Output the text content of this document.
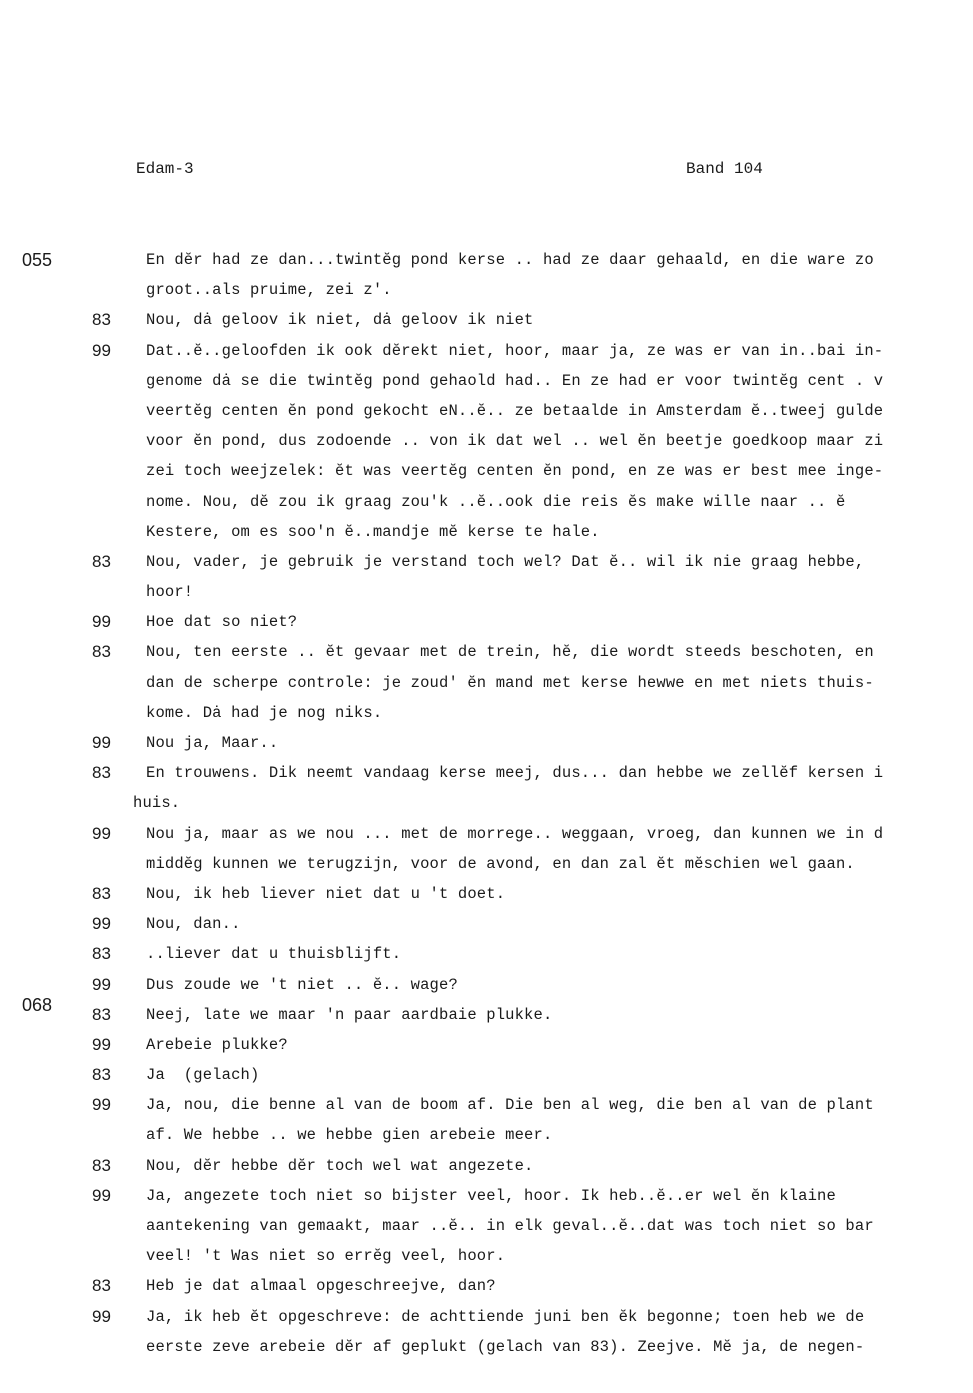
Edam-3	Band 104
055
068
En dĕr had ze dan...twintĕg pond kerse .. had ze daar gehaald, en die ware zo
groot..als pruime, zei z'.
83	Nou, dȧ geloov ik niet, dȧ geloov ik niet
99	Dat..ĕ..geloofden ik ook dĕrekt niet, hoor, maar ja, ze was er van in..bai in-
genome dȧ se die twintĕg pond gehaold had.. En ze had er voor twintĕg cent . v
veertĕg centen ĕn pond gekocht eN..ĕ.. ze betaalde in Amsterdam ĕ..tweej gulde
voor ĕn pond, dus zodoende .. von ik dat wel .. wel ĕn beetje goedkoop maar zi
zei toch weejzelek: ĕt was veertĕg centen ĕn pond, en ze was er best mee inge-
nome. Nou, dĕ zou ik graag zou'k ..ĕ..ook die reis ĕs make wille naar .. ĕ
Kestere, om es soo'n ĕ..mandje mĕ kerse te hale.
83	Nou, vader, je gebruik je verstand toch wel? Dat ĕ.. wil ik nie graag hebbe,
hoor!
99	Hoe dat so niet?
83	Nou, ten eerste .. ĕt gevaar met de trein, hĕ, die wordt steeds beschoten, en
dan de scherpe controle: je zoud' ĕn mand met kerse hewwe en met niets thuis-
kome. Dȧ had je nog niks.
99	Nou ja, Maar..
83	En trouwens. Dik neemt vandaag kerse meej, dus... dan hebbe we zellĕf kersen i
huis.
99	Nou ja, maar as we nou ... met de morrege.. weggaan, vroeg, dan kunnen we in d
middĕg kunnen we terugzijn, voor de avond, en dan zal ĕt mĕschien wel gaan.
83	Nou, ik heb liever niet dat u 't doet.
99	Nou, dan..
83	..liever dat u thuisblijft.
99	Dus zoude we 't niet .. ĕ.. wage?
83	Neej, late we maar 'n paar aardbaie plukke.
99	Arebeie plukke?
83	Ja  (gelach)
99	Ja, nou, die benne al van de boom af. Die ben al weg, die ben al van de plant
af. We hebbe .. we hebbe gien arebeie meer.
83	Nou, dĕr hebbe dĕr toch wel wat angezete.
99	Ja, angezete toch niet so bijster veel, hoor. Ik heb..ĕ..er wel ĕn klaine
aantekening van gemaakt, maar ..ĕ.. in elk geval..ĕ..dat was toch niet so bar
veel! 't Was niet so errĕg veel, hoor.
83	Heb je dat almaal opgeschreejve, dan?
99	Ja, ik heb ĕt opgeschreve: de achttiende juni ben ĕk begonne; toen heb we de
eerste zeve arebeie dĕr af geplukt (gelach van 83). Zeejve. Mĕ ja, de negen-
